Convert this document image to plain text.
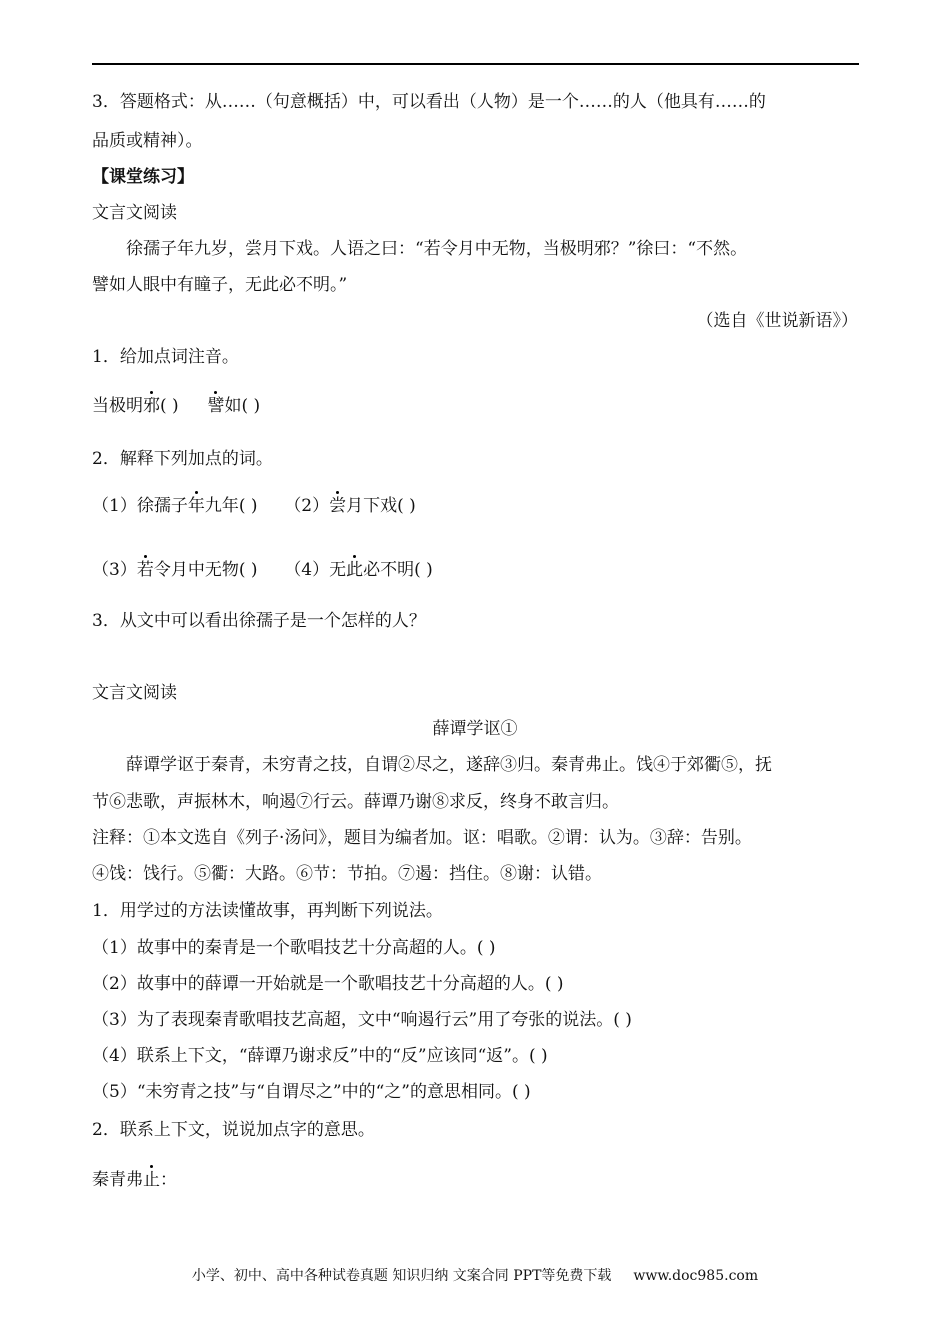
3．答题格式：从……（句意概括）中，可以看出（人物）是一个……的人（他具有……的
品质或精神）。
【课堂练习】
文言文阅读
徐孺子年九岁，尝月下戏。人语之曰：“若令月中无物，当极明邪？”徐曰：“不然。
譬如人眼中有瞳子，无此必不明。”
（选自《世说新语》）
1．给加点词注音。
当极明邪( ) 譬如( )
2．解释下列加点的词。
（1）徐孺子年九年( ) （2）尝月下戏( )
（3）若令月中无物( ) （4）无此必不明( )
3．从文中可以看出徐孺子是一个怎样的人？
文言文阅读
薛谭学讴①
薛谭学讴于秦青，未穷青之技，自谓②尽之，遂辞③归。秦青弗止。饯④于郊衢⑤，抚
节⑥悲歌，声振林木，响遏⑦行云。薛谭乃谢⑧求反，终身不敢言归。
注释：①本文选自《列子·汤问》，题目为编者加。讴：唱歌。②谓：认为。③辞：告别。
④饯：饯行。⑤衢：大路。⑥节：节拍。⑦遏：挡住。⑧谢：认错。
1．用学过的方法读懂故事，再判断下列说法。
（1）故事中的秦青是一个歌唱技艺十分高超的人。( )
（2）故事中的薛谭一开始就是一个歌唱技艺十分高超的人。( )
（3）为了表现秦青歌唱技艺高超，文中“响遏行云”用了夸张的说法。( )
（4）联系上下文，“薛谭乃谢求反”中的“反”应该同“返”。( )
（5）“未穷青之技”与“自谓尽之”中的“之”的意思相同。( )
2．联系上下文，说说加点字的意思。
秦青弗止：
小学、初中、高中各种试卷真题 知识归纳 文案合同 PPT等免费下载 www.doc985.com
